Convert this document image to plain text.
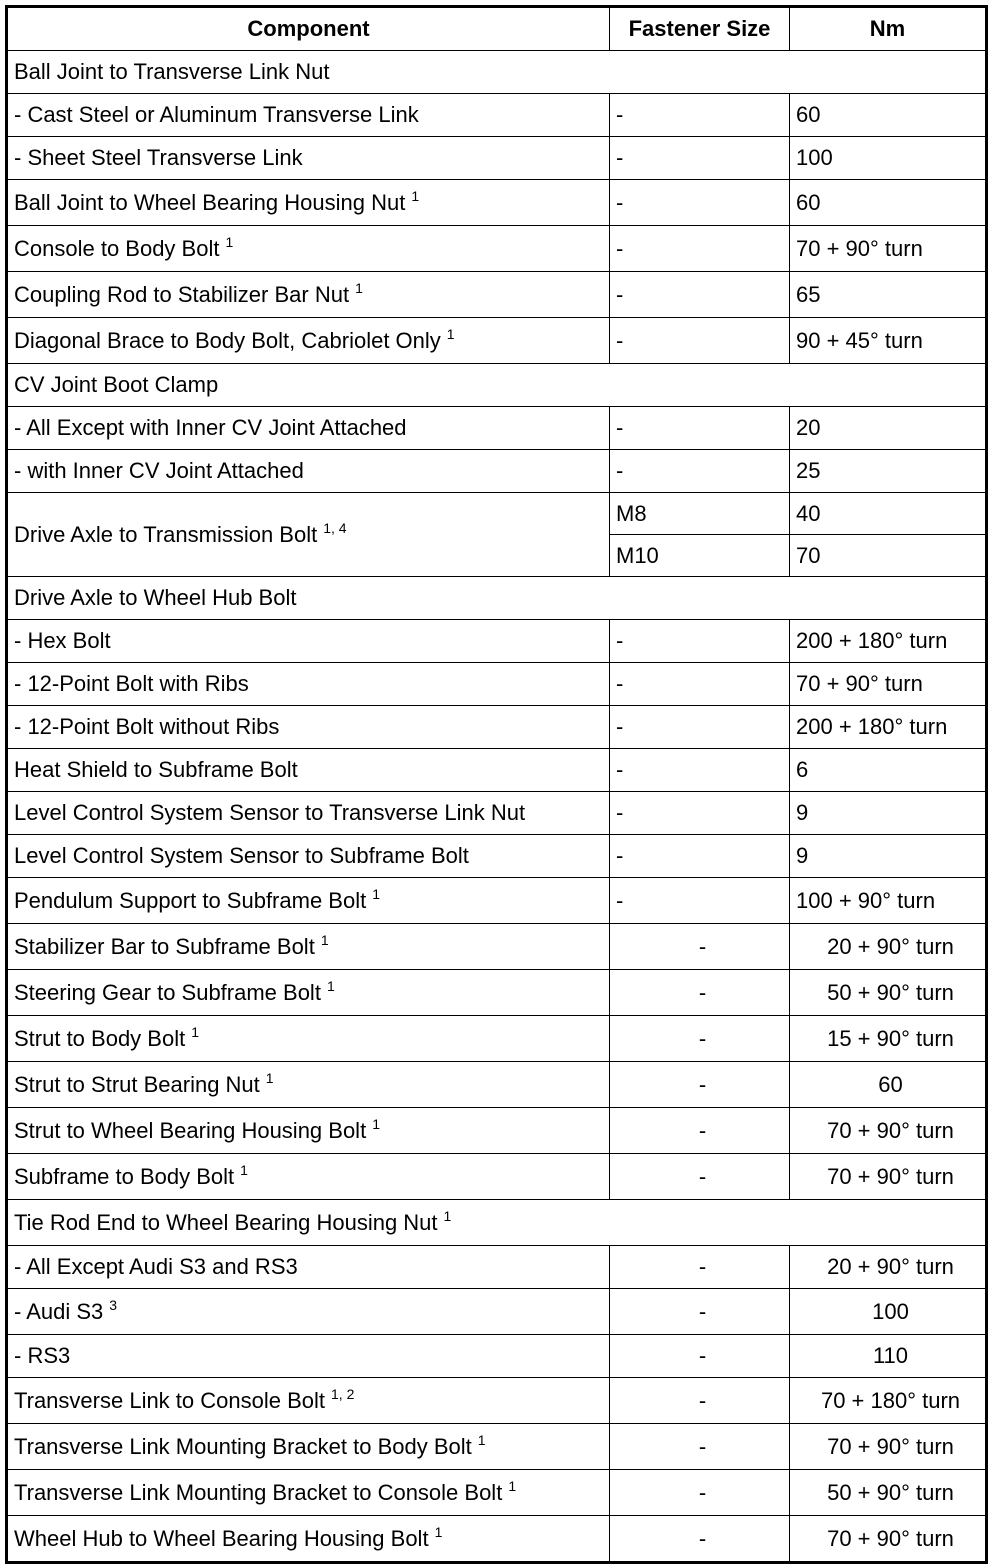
Component	Fastener Size	Nm
Ball Joint to Transverse Link Nut		
- Cast Steel or Aluminum Transverse Link	-	60
- Sheet Steel Transverse Link	-	100
Ball Joint to Wheel Bearing Housing Nut $^1$	-	60
Console to Body Bolt $^1$	-	70 + 90° turn
Coupling Rod to Stabilizer Bar Nut $^1$	-	65
Diagonal Brace to Body Bolt, Cabriolet Only $^1$	-	90 + 45° turn
CV Joint Boot Clamp		
- All Except with Inner CV Joint Attached	-	20
- with Inner CV Joint Attached	-	25
Drive Axle to Transmission Bolt $^{1, 4}$	M8	40
	M10	70
Drive Axle to Wheel Hub Bolt		
- Hex Bolt	-	200 + 180° turn
- 12-Point Bolt with Ribs	-	70 + 90° turn
- 12-Point Bolt without Ribs	-	200 + 180° turn
Heat Shield to Subframe Bolt	-	6
Level Control System Sensor to Transverse Link Nut	-	9
Level Control System Sensor to Subframe Bolt	-	9
Pendulum Support to Subframe Bolt $^1$	-	100 + 90° turn
Stabilizer Bar to Subframe Bolt $^1$	-	20 + 90° turn
Steering Gear to Subframe Bolt $^1$	-	50 + 90° turn
Strut to Body Bolt $^1$	-	15 + 90° turn
Strut to Strut Bearing Nut $^1$	-	60
Strut to Wheel Bearing Housing Bolt $^1$	-	70 + 90° turn
Subframe to Body Bolt $^1$	-	70 + 90° turn
Tie Rod End to Wheel Bearing Housing Nut $^1$
- All Except Audi S3 and RS3	-	20 + 90° turn
- Audi S3 $^3$	-	100
- RS3	-	110
Transverse Link to Console Bolt $^{1, 2}$	-	70 + 180° turn
Transverse Link Mounting Bracket to Body Bolt $^1$	-	70 + 90° turn
Transverse Link Mounting Bracket to Console Bolt $^1$	-	50 + 90° turn
Wheel Hub to Wheel Bearing Housing Bolt $^1$	-	70 + 90° turn
